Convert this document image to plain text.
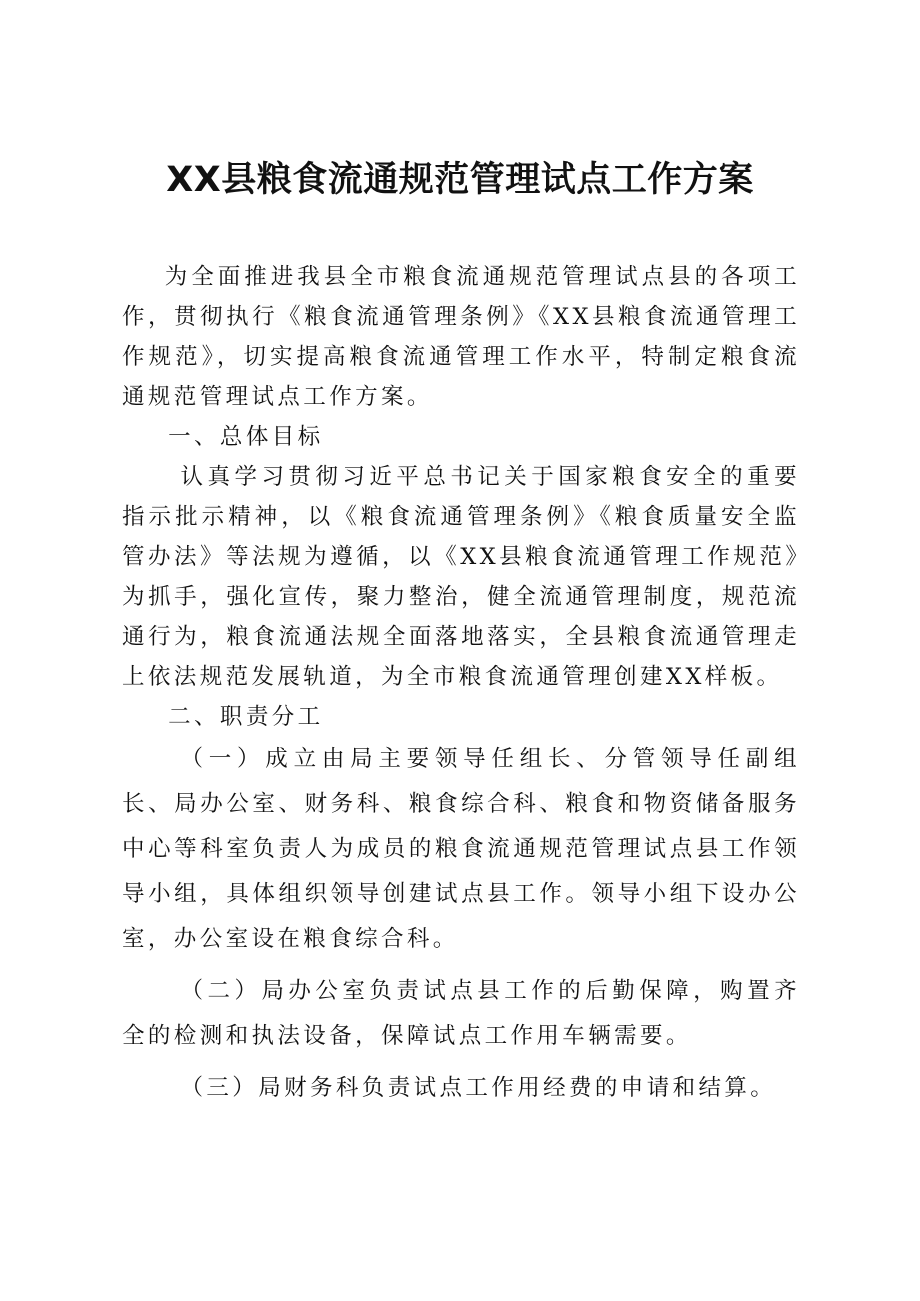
XX县粮食流通规范管理试点工作方案

为全面推进我县全市粮食流通规范管理试点县的各项工作，贯彻执行《粮食流通管理条例》《XX县粮食流通管理工作规范》，切实提高粮食流通管理工作水平，特制定粮食流通规范管理试点工作方案。

一、总体目标

认真学习贯彻习近平总书记关于国家粮食安全的重要指示批示精神，以《粮食流通管理条例》《粮食质量安全监管办法》等法规为遵循，以《XX县粮食流通管理工作规范》为抓手，强化宣传，聚力整治，健全流通管理制度，规范流通行为，粮食流通法规全面落地落实，全县粮食流通管理走上依法规范发展轨道，为全市粮食流通管理创建XX样板。

二、职责分工

（一）成立由局主要领导任组长、分管领导任副组长、局办公室、财务科、粮食综合科、粮食和物资储备服务中心等科室负责人为成员的粮食流通规范管理试点县工作领导小组，具体组织领导创建试点县工作。领导小组下设办公室，办公室设在粮食综合科。

（二）局办公室负责试点县工作的后勤保障，购置齐全的检测和执法设备，保障试点工作用车辆需要。

（三）局财务科负责试点工作用经费的申请和结算。
